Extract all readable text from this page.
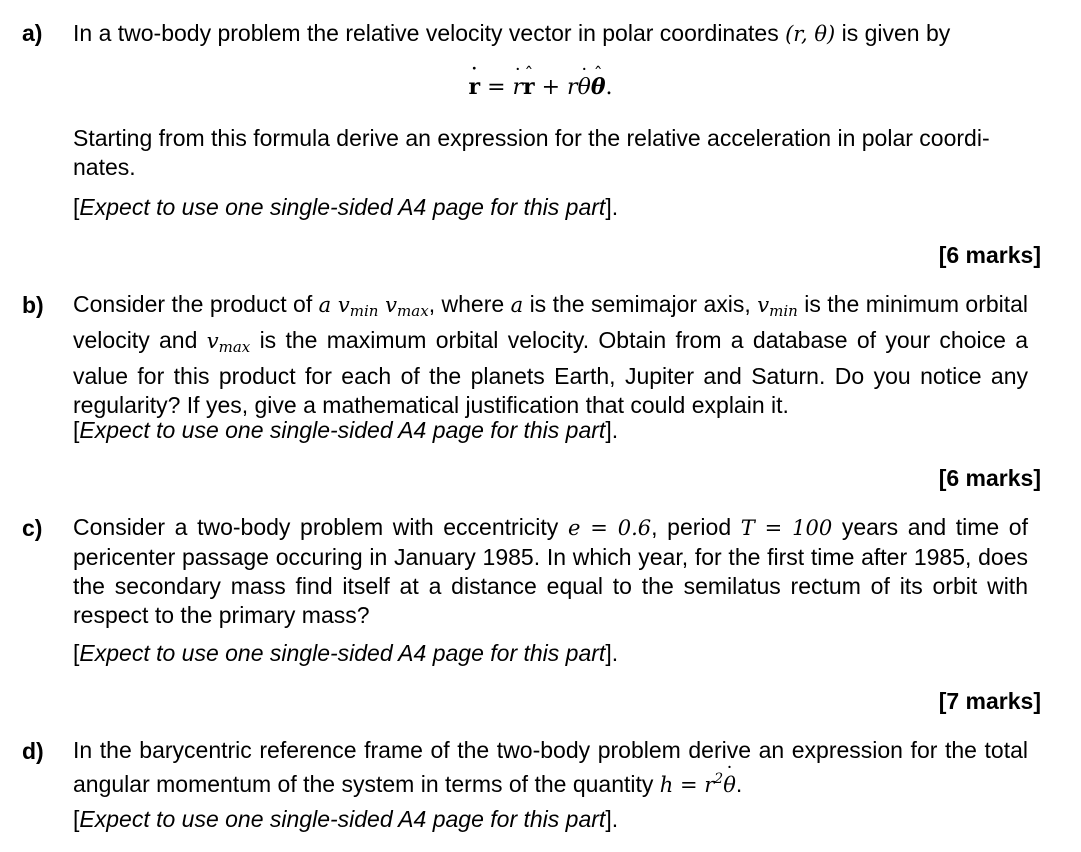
a) In a two-body problem the relative velocity vector in polar coordinates (r, θ) is given by
r ˙ = r ˙r ˆ + rθ ˙θ ˆ.
Starting from this formula derive an expression for the relative acceleration in polar coordi-
nates.
[Expect to use one single-sided A4 page for this part].
[6 marks]
b) Consider the product of a $v_{min}$ $v_{max}$, where a is the semimajor axis, $v_{min}$ is the minimum orbital velocity and $v_{max}$ is the maximum orbital velocity. Obtain from a database of your choice a value for this product for each of the planets Earth, Jupiter and Saturn. Do you notice any regularity? If yes, give a mathematical justification that could explain it.
[Expect to use one single-sided A4 page for this part].
[6 marks]
c) Consider a two-body problem with eccentricity e = 0.6, period T = 100 years and time of pericenter passage occuring in January 1985. In which year, for the first time after 1985, does the secondary mass find itself at a distance equal to the semilatus rectum of its orbit with respect to the primary mass?
[Expect to use one single-sided A4 page for this part].
[7 marks]
d) In the barycentric reference frame of the two-body problem derive an expression for the total angular momentum of the system in terms of the quantity $h = r^2\theta$ ˙.
[Expect to use one single-sided A4 page for this part].
